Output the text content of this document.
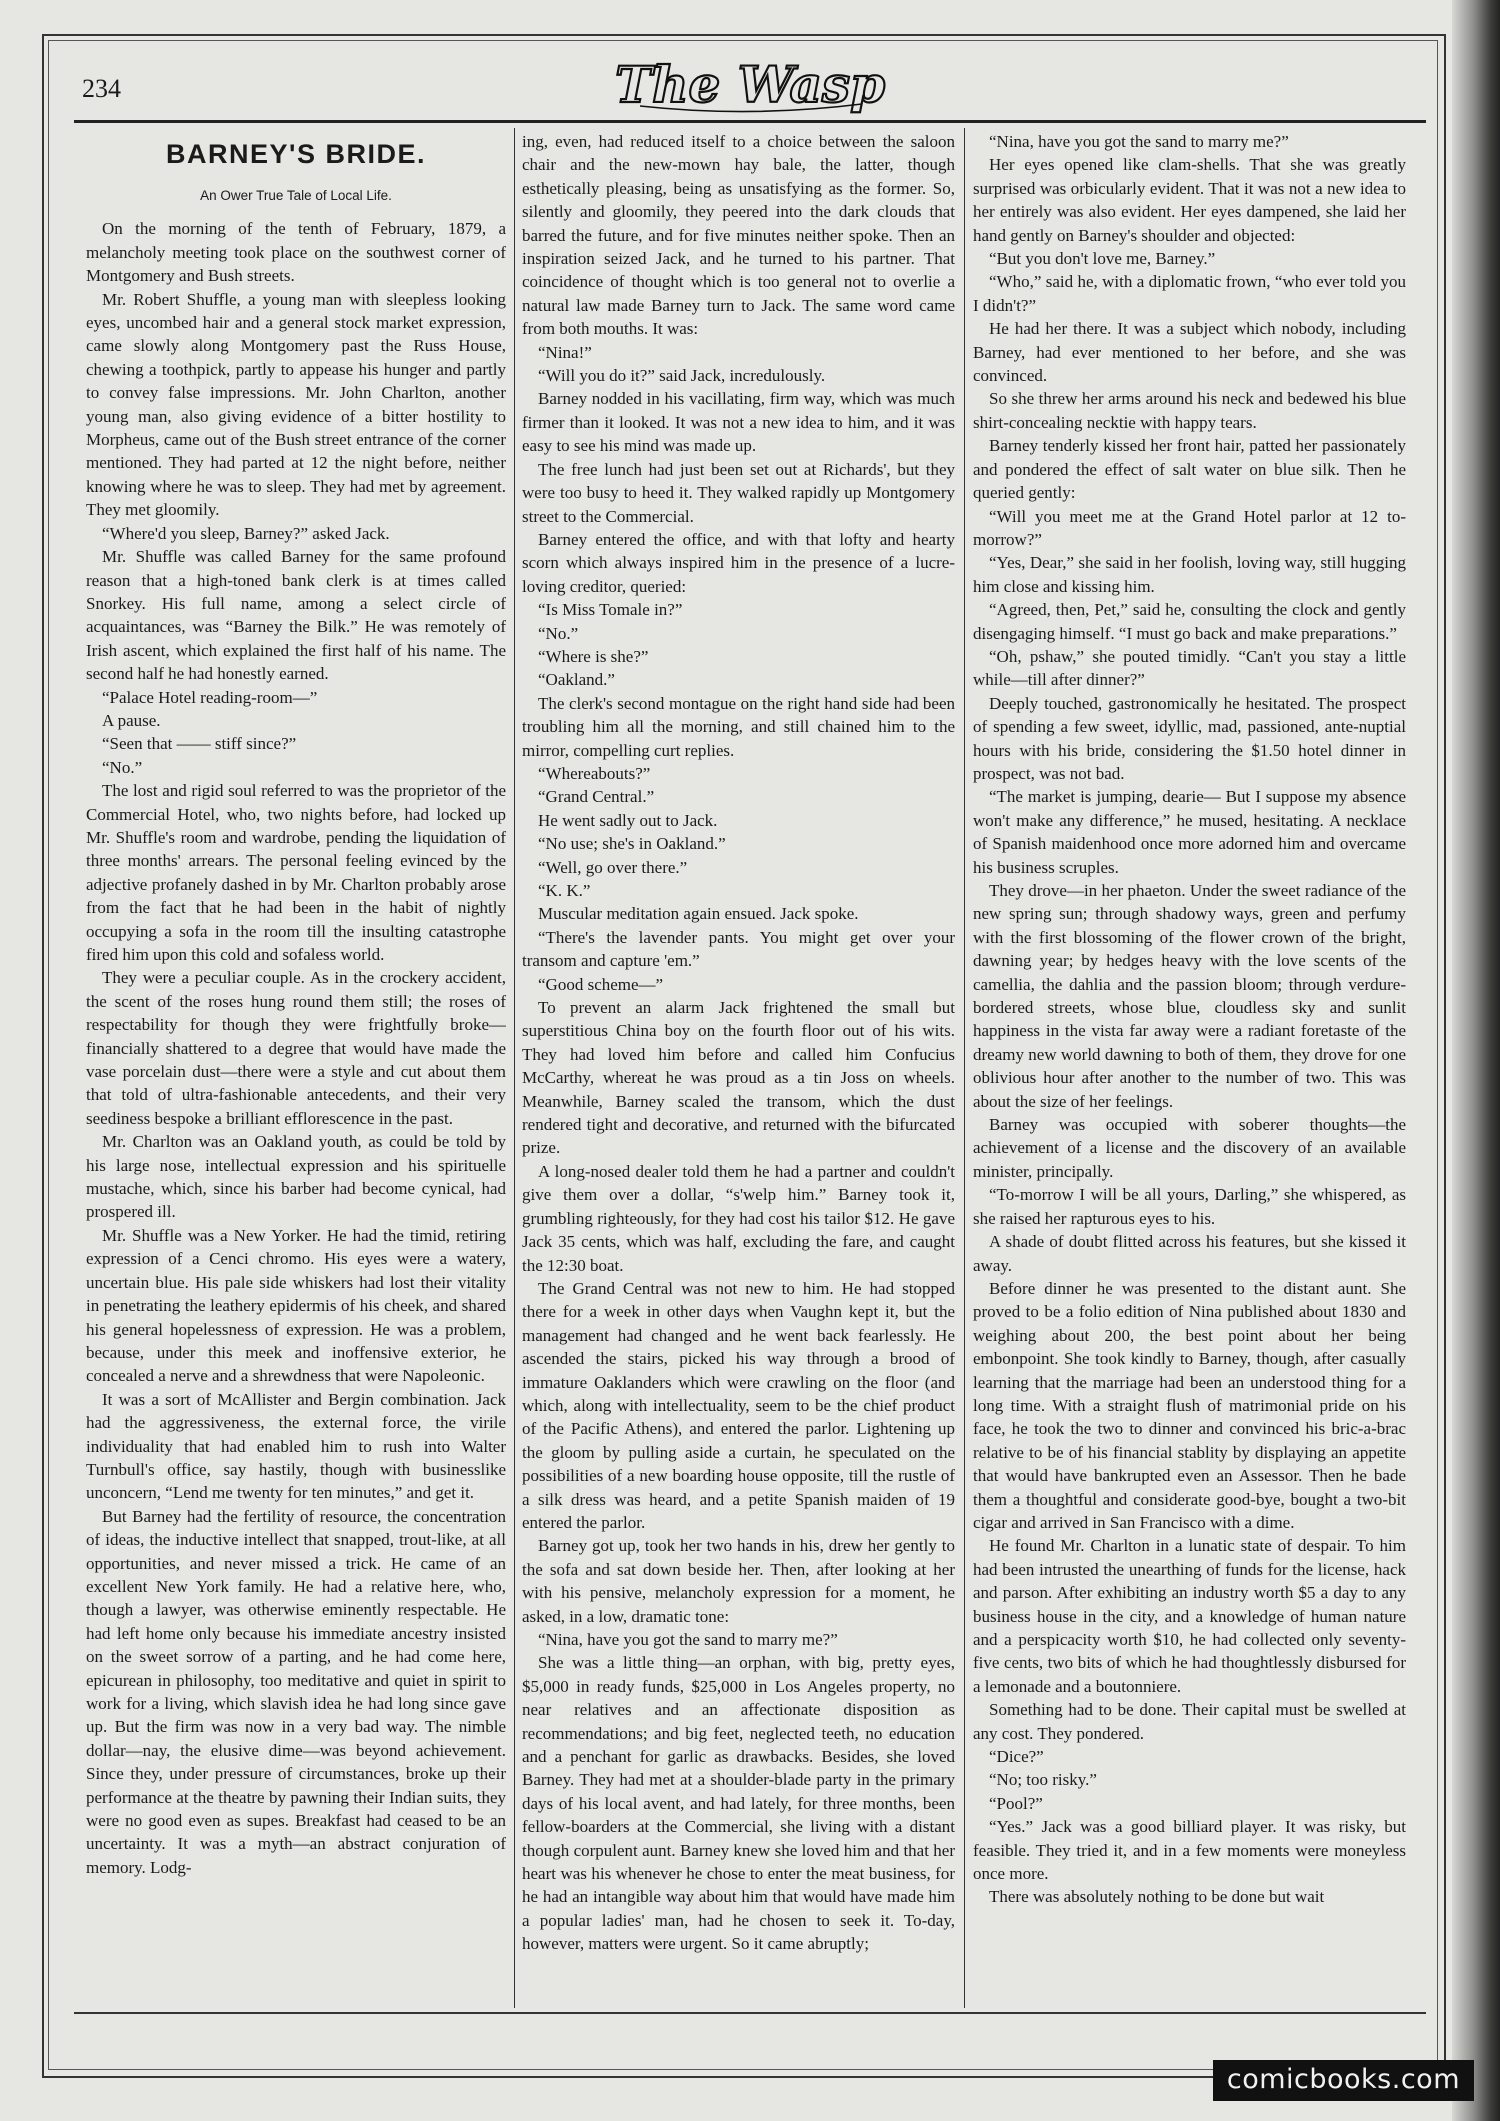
234	The Wasp
BARNEY'S BRIDE.
An Ower True Tale of Local Life.

On the morning of the tenth of February, 1879, a melancholy meeting took place on the southwest corner of Montgomery and Bush streets.

Mr. Robert Shuffle, a young man with sleepless looking eyes, uncombed hair and a general stock market expression, came slowly along Montgomery past the Russ House, chewing a toothpick, partly to appease his hunger and partly to convey false impressions. Mr. John Charlton, another young man, also giving evidence of a bitter hostility to Morpheus, came out of the Bush street entrance of the corner mentioned. They had parted at 12 the night before, neither knowing where he was to sleep. They had met by agreement. They met gloomily.

“Where'd you sleep, Barney?” asked Jack.

Mr. Shuffle was called Barney for the same profound reason that a high-toned bank clerk is at times called Snorkey. His full name, among a select circle of acquaintances, was “Barney the Bilk.” He was remotely of Irish ascent, which explained the first half of his name. The second half he had honestly earned.

“Palace Hotel reading-room—”

A pause.

“Seen that —— stiff since?”

“No.”

The lost and rigid soul referred to was the proprietor of the Commercial Hotel, who, two nights before, had locked up Mr. Shuffle's room and wardrobe, pending the liquidation of three months' arrears. The personal feeling evinced by the adjective profanely dashed in by Mr. Charlton probably arose from the fact that he had been in the habit of nightly occupying a sofa in the room till the insulting catastrophe fired him upon this cold and sofaless world.

They were a peculiar couple. As in the crockery accident, the scent of the roses hung round them still; the roses of respectability for though they were frightfully broke—financially shattered to a degree that would have made the vase porcelain dust—there were a style and cut about them that told of ultra-fashionable antecedents, and their very seediness bespoke a brilliant efflorescence in the past.

Mr. Charlton was an Oakland youth, as could be told by his large nose, intellectual expression and his spirituelle mustache, which, since his barber had become cynical, had prospered ill.

Mr. Shuffle was a New Yorker. He had the timid, retiring expression of a Cenci chromo. His eyes were a watery, uncertain blue. His pale side whiskers had lost their vitality in penetrating the leathery epidermis of his cheek, and shared his general hopelessness of expression. He was a problem, because, under this meek and inoffensive exterior, he concealed a nerve and a shrewdness that were Napoleonic.

It was a sort of McAllister and Bergin combination. Jack had the aggressiveness, the external force, the virile individuality that had enabled him to rush into Walter Turnbull's office, say hastily, though with businesslike unconcern, “Lend me twenty for ten minutes,” and get it.

But Barney had the fertility of resource, the concentration of ideas, the inductive intellect that snapped, trout-like, at all opportunities, and never missed a trick. He came of an excellent New York family. He had a relative here, who, though a lawyer, was otherwise eminently respectable. He had left home only because his immediate ancestry insisted on the sweet sorrow of a parting, and he had come here, epicurean in philosophy, too meditative and quiet in spirit to work for a living, which slavish idea he had long since gave up. But the firm was now in a very bad way. The nimble dollar—nay, the elusive dime—was beyond achievement. Since they, under pressure of circumstances, broke up their performance at the theatre by pawning their Indian suits, they were no good even as supes. Breakfast had ceased to be an uncertainty. It was a myth—an abstract conjuration of memory. Lodg-

ing, even, had reduced itself to a choice between the saloon chair and the new-mown hay bale, the latter, though esthetically pleasing, being as unsatisfying as the former. So, silently and gloomily, they peered into the dark clouds that barred the future, and for five minutes neither spoke. Then an inspiration seized Jack, and he turned to his partner. That coincidence of thought which is too general not to overlie a natural law made Barney turn to Jack. The same word came from both mouths. It was:

“Nina!”

“Will you do it?” said Jack, incredulously.

Barney nodded in his vacillating, firm way, which was much firmer than it looked. It was not a new idea to him, and it was easy to see his mind was made up.

The free lunch had just been set out at Richards', but they were too busy to heed it. They walked rapidly up Montgomery street to the Commercial.

Barney entered the office, and with that lofty and hearty scorn which always inspired him in the presence of a lucre-loving creditor, queried:

“Is Miss Tomale in?”

“No.”

“Where is she?”

“Oakland.”

The clerk's second montague on the right hand side had been troubling him all the morning, and still chained him to the mirror, compelling curt replies.

“Whereabouts?”

“Grand Central.”

He went sadly out to Jack.

“No use; she's in Oakland.”

“Well, go over there.”

“K. K.”

Muscular meditation again ensued. Jack spoke.

“There's the lavender pants. You might get over your transom and capture 'em.”

“Good scheme—”

To prevent an alarm Jack frightened the small but superstitious China boy on the fourth floor out of his wits. They had loved him before and called him Confucius McCarthy, whereat he was proud as a tin Joss on wheels. Meanwhile, Barney scaled the transom, which the dust rendered tight and decorative, and returned with the bifurcated prize.

A long-nosed dealer told them he had a partner and couldn't give them over a dollar, “s'welp him.” Barney took it, grumbling righteously, for they had cost his tailor $12. He gave Jack 35 cents, which was half, excluding the fare, and caught the 12:30 boat.

The Grand Central was not new to him. He had stopped there for a week in other days when Vaughn kept it, but the management had changed and he went back fearlessly. He ascended the stairs, picked his way through a brood of immature Oaklanders which were crawling on the floor (and which, along with intellectuality, seem to be the chief product of the Pacific Athens), and entered the parlor. Lightening up the gloom by pulling aside a curtain, he speculated on the possibilities of a new boarding house opposite, till the rustle of a silk dress was heard, and a petite Spanish maiden of 19 entered the parlor.

Barney got up, took her two hands in his, drew her gently to the sofa and sat down beside her. Then, after looking at her with his pensive, melancholy expression for a moment, he asked, in a low, dramatic tone:

“Nina, have you got the sand to marry me?”

She was a little thing—an orphan, with big, pretty eyes, $5,000 in ready funds, $25,000 in Los Angeles property, no near relatives and an affectionate disposition as recommendations; and big feet, neglected teeth, no education and a penchant for garlic as drawbacks. Besides, she loved Barney. They had met at a shoulder-blade party in the primary days of his local avent, and had lately, for three months, been fellow-boarders at the Commercial, she living with a distant though corpulent aunt. Barney knew she loved him and that her heart was his whenever he chose to enter the meat business, for he had an intangible way about him that would have made him a popular ladies' man, had he chosen to seek it. To-day, however, matters were urgent. So it came abruptly;

“Nina, have you got the sand to marry me?”

Her eyes opened like clam-shells. That she was greatly surprised was orbicularly evident. That it was not a new idea to her entirely was also evident. Her eyes dampened, she laid her hand gently on Barney's shoulder and objected:

“But you don't love me, Barney.”

“Who,” said he, with a diplomatic frown, “who ever told you I didn't?”

He had her there. It was a subject which nobody, including Barney, had ever mentioned to her before, and she was convinced.

So she threw her arms around his neck and bedewed his blue shirt-concealing necktie with happy tears.

Barney tenderly kissed her front hair, patted her passionately and pondered the effect of salt water on blue silk. Then he queried gently:

“Will you meet me at the Grand Hotel parlor at 12 to-morrow?”

“Yes, Dear,” she said in her foolish, loving way, still hugging him close and kissing him.

“Agreed, then, Pet,” said he, consulting the clock and gently disengaging himself. “I must go back and make preparations.”

“Oh, pshaw,” she pouted timidly. “Can't you stay a little while—till after dinner?”

Deeply touched, gastronomically he hesitated. The prospect of spending a few sweet, idyllic, mad, passioned, ante-nuptial hours with his bride, considering the $1.50 hotel dinner in prospect, was not bad.

“The market is jumping, dearie— But I suppose my absence won't make any difference,” he mused, hesitating. A necklace of Spanish maidenhood once more adorned him and overcame his business scruples.

They drove—in her phaeton. Under the sweet radiance of the new spring sun; through shadowy ways, green and perfumy with the first blossoming of the flower crown of the bright, dawning year; by hedges heavy with the love scents of the camellia, the dahlia and the passion bloom; through verdure-bordered streets, whose blue, cloudless sky and sunlit happiness in the vista far away were a radiant foretaste of the dreamy new world dawning to both of them, they drove for one oblivious hour after another to the number of two. This was about the size of her feelings.

Barney was occupied with soberer thoughts—the achievement of a license and the discovery of an available minister, principally.

“To-morrow I will be all yours, Darling,” she whispered, as she raised her rapturous eyes to his.

A shade of doubt flitted across his features, but she kissed it away.

Before dinner he was presented to the distant aunt. She proved to be a folio edition of Nina published about 1830 and weighing about 200, the best point about her being embonpoint. She took kindly to Barney, though, after casually learning that the marriage had been an understood thing for a long time. With a straight flush of matrimonial pride on his face, he took the two to dinner and convinced his bric-a-brac relative to be of his financial stablity by displaying an appetite that would have bankrupted even an Assessor. Then he bade them a thoughtful and considerate good-bye, bought a two-bit cigar and arrived in San Francisco with a dime.

He found Mr. Charlton in a lunatic state of despair. To him had been intrusted the unearthing of funds for the license, hack and parson. After exhibiting an industry worth $5 a day to any business house in the city, and a knowledge of human nature and a perspicacity worth $10, he had collected only seventy-five cents, two bits of which he had thoughtlessly disbursed for a lemonade and a boutonniere.

Something had to be done. Their capital must be swelled at any cost. They pondered.

“Dice?”

“No; too risky.”

“Pool?”

“Yes.” Jack was a good billiard player. It was risky, but feasible. They tried it, and in a few moments were moneyless once more.

There was absolutely nothing to be done but wait

comicbooks.com
